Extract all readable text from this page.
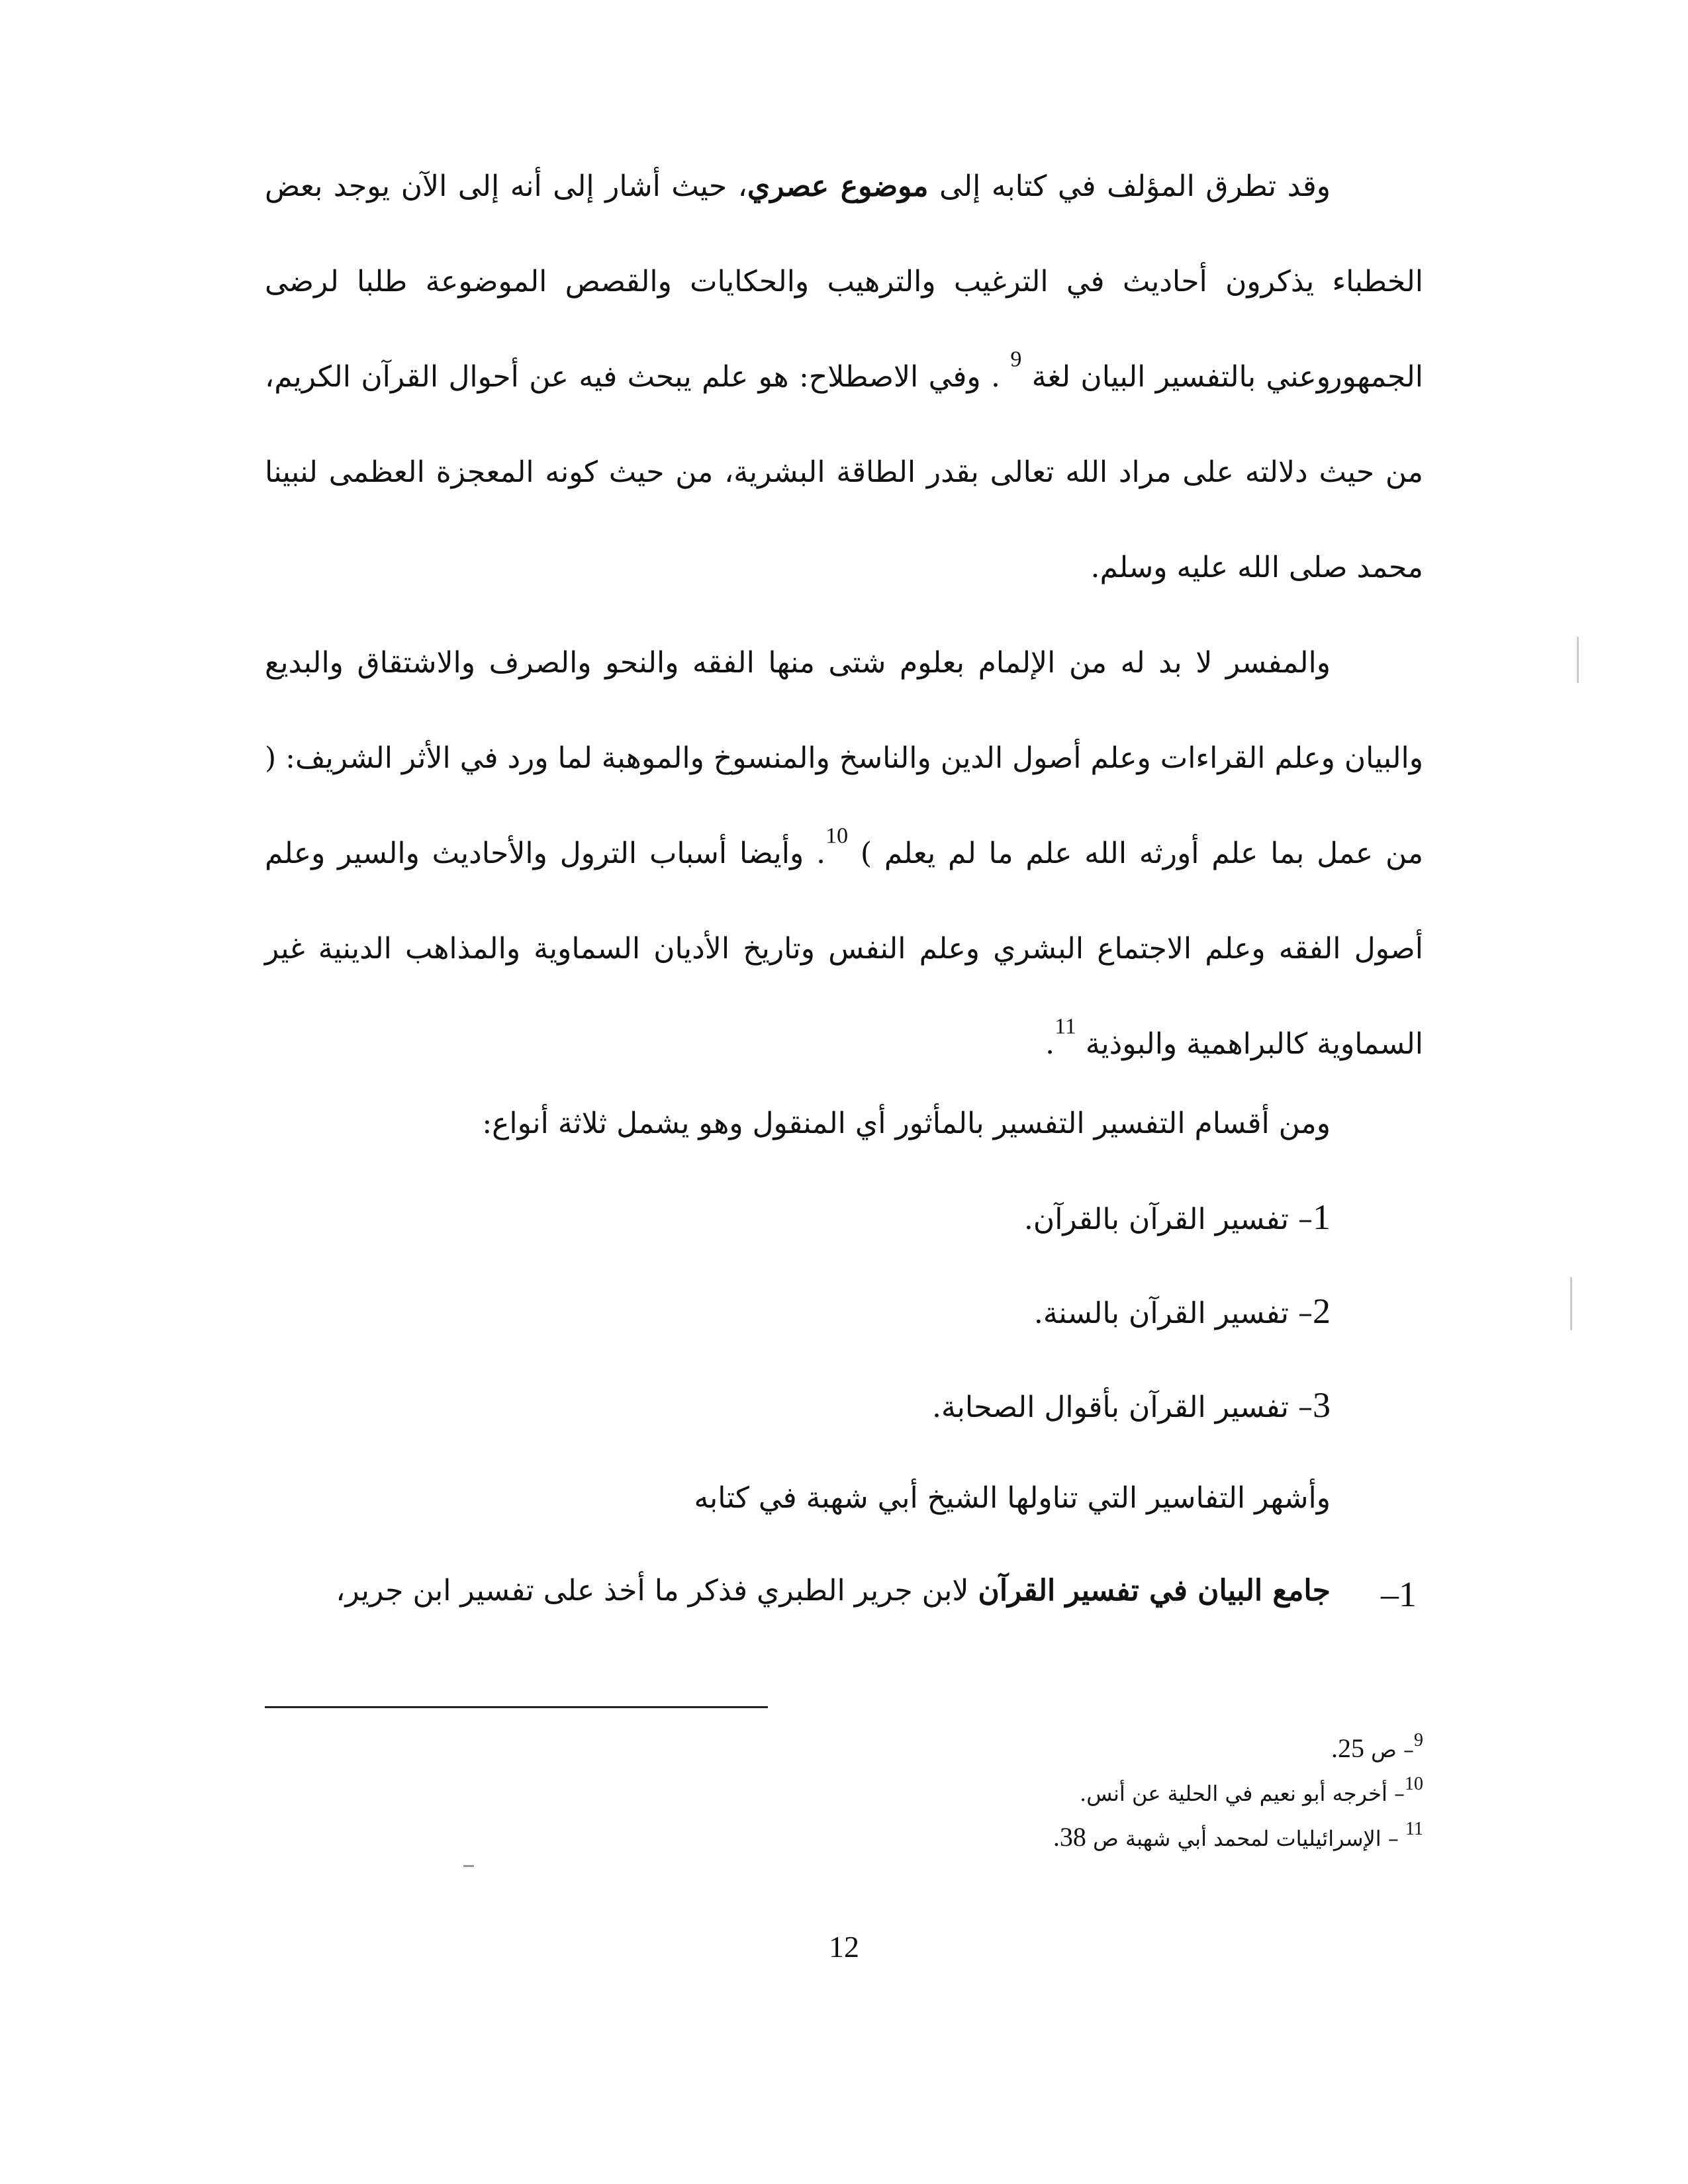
وقد تطرق المؤلف في كتابه إلى موضوع عصري، حيث أشار إلى أنه إلى الآن يوجد بعض الخطباء يذكرون أحاديث في الترغيب والترهيب والحكايات والقصص الموضوعة طلبا لرضى الجمهور.

وعني بالتفسير البيان لغة $^9$ . وفي الاصطلاح: هو علم يبحث فيه عن أحوال القرآن الكريم، من حيث دلالته على مراد الله تعالى بقدر الطاقة البشرية، من حيث كونه المعجزة العظمى لنبينا محمد صلى الله عليه وسلم.

والمفسر لا بد له من الإلمام بعلوم شتى منها الفقه والنحو والصرف والاشتقاق والبديع والبيان وعلم القراءات وعلم أصول الدين والناسخ والمنسوخ والموهبة لما ورد في الأثر الشريف: ( من عمل بما علم أورثه الله علم ما لم يعلم ) $^{10}$. وأيضا أسباب الترول والأحاديث والسير وعلم أصول الفقه وعلم الاجتماع البشري وعلم النفس وتاريخ الأديان السماوية والمذاهب الدينية غير السماوية كالبراهمية والبوذية $^{11}$.

ومن أقسام التفسير التفسير بالمأثور أي المنقول وهو يشمل ثلاثة أنواع:
1– تفسير القرآن بالقرآن.
2– تفسير القرآن بالسنة.
3– تفسير القرآن بأقوال الصحابة.
وأشهر التفاسير التي تناولها الشيخ أبي شهبة في كتابه
1–
جامع البيان في تفسير القرآن لابن جرير الطبري فذكر ما أخذ على تفسير ابن جرير،
9– ص 25.
10– أخرجه أبو نعيم في الحلية عن أنس.
11 – الإسرائيليات لمحمد أبي شهبة ص 38.
12
